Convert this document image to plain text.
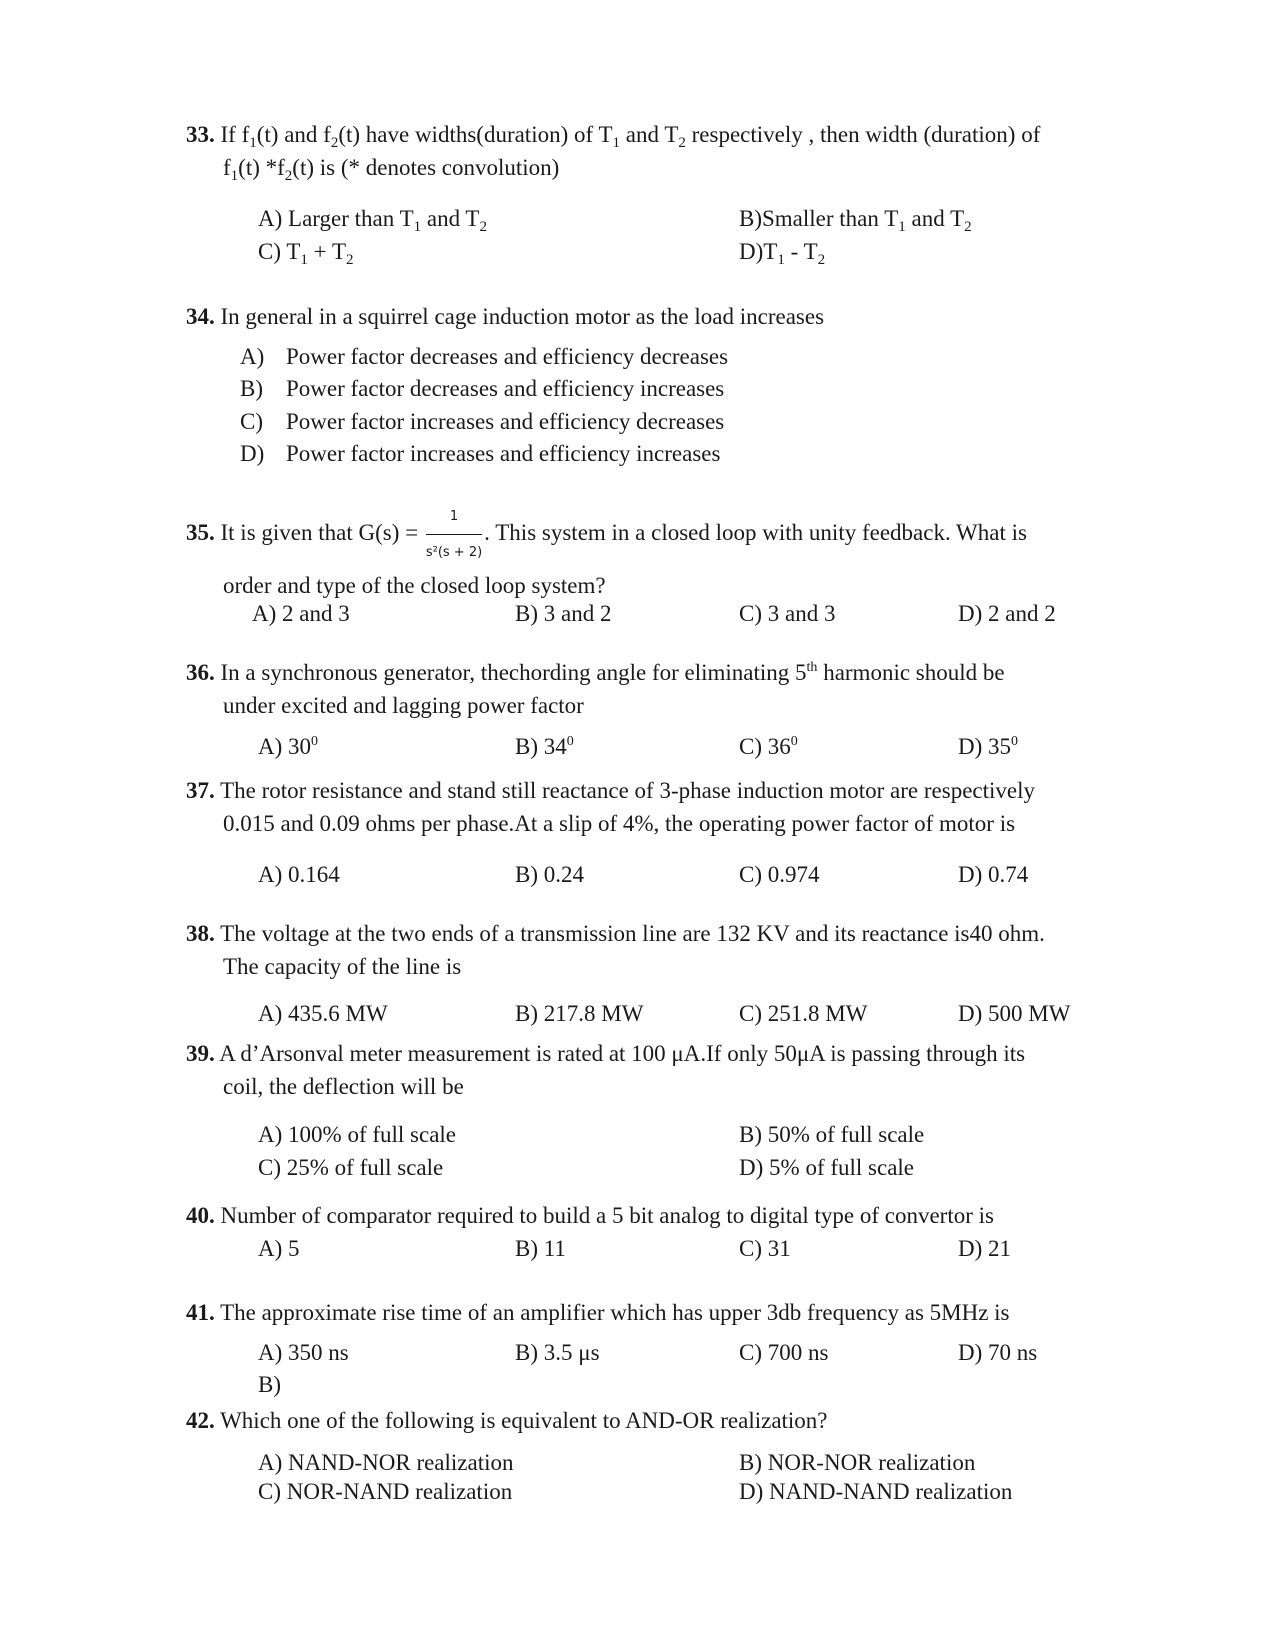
33. If $f_1(t)$ and $f_2(t)$ have widths(duration) of $T_1$ and $T_2$ respectively , then width (duration) of
$f_1(t)$ $*f_2(t)$ is (* denotes convolution)
A) Larger than $T_1$ and $T_2$	B)Smaller than $T_1$ and $T_2$
C) $T_1 + T_2$	$D)T_1 - T_2$
34. In general in a squirrel cage induction motor as the load increases
A) Power factor decreases and efficiency decreases
B) Power factor decreases and efficiency increases
C) Power factor increases and efficiency decreases
D) Power factor increases and efficiency increases
35. It is given that $G(s) = \frac{1}{\text{s²(s + 2)}}$ . This system in a closed loop with unity feedback. What is
order and type of the closed loop system?
A) 2 and 3	B) 3 and 2	C) 3 and 3	D) 2 and 2
36. In a synchronous generator, thechording angle for eliminating 5th harmonic should be
under excited and lagging power factor
A) $30^0$	B) $34^0$	C) $36^0$	D) $35^0$
37. The rotor resistance and stand still reactance of 3-phase induction motor are respectively
0.015 and 0.09 ohms per phase.At a slip of 4%, the operating power factor of motor is
A) 0.164	B) 0.24	C) 0.974	D) 0.74
38. The voltage at the two ends of a transmission line are 132 KV and its reactance is40 ohm.
The capacity of the line is
A) 435.6 MW	B) 217.8 MW	C) 251.8 MW	D) 500 MW
39. A d’Arsonval meter measurement is rated at 100 μA.If only 50μA is passing through its
coil, the deflection will be
A) 100% of full scale	B) 50% of full scale
C) 25% of full scale	D) 5% of full scale
40. Number of comparator required to build a 5 bit analog to digital type of convertor is
A) 5	B) 11	C) 31	D) 21
41. The approximate rise time of an amplifier which has upper 3db frequency as 5MHz is
A) 350 ns	B) 3.5 μs	C) 700 ns	D) 70 ns
B)
42. Which one of the following is equivalent to AND-OR realization?
A) NAND-NOR realization	B) NOR-NOR realization
C) NOR-NAND realization	D) NAND-NAND realization
